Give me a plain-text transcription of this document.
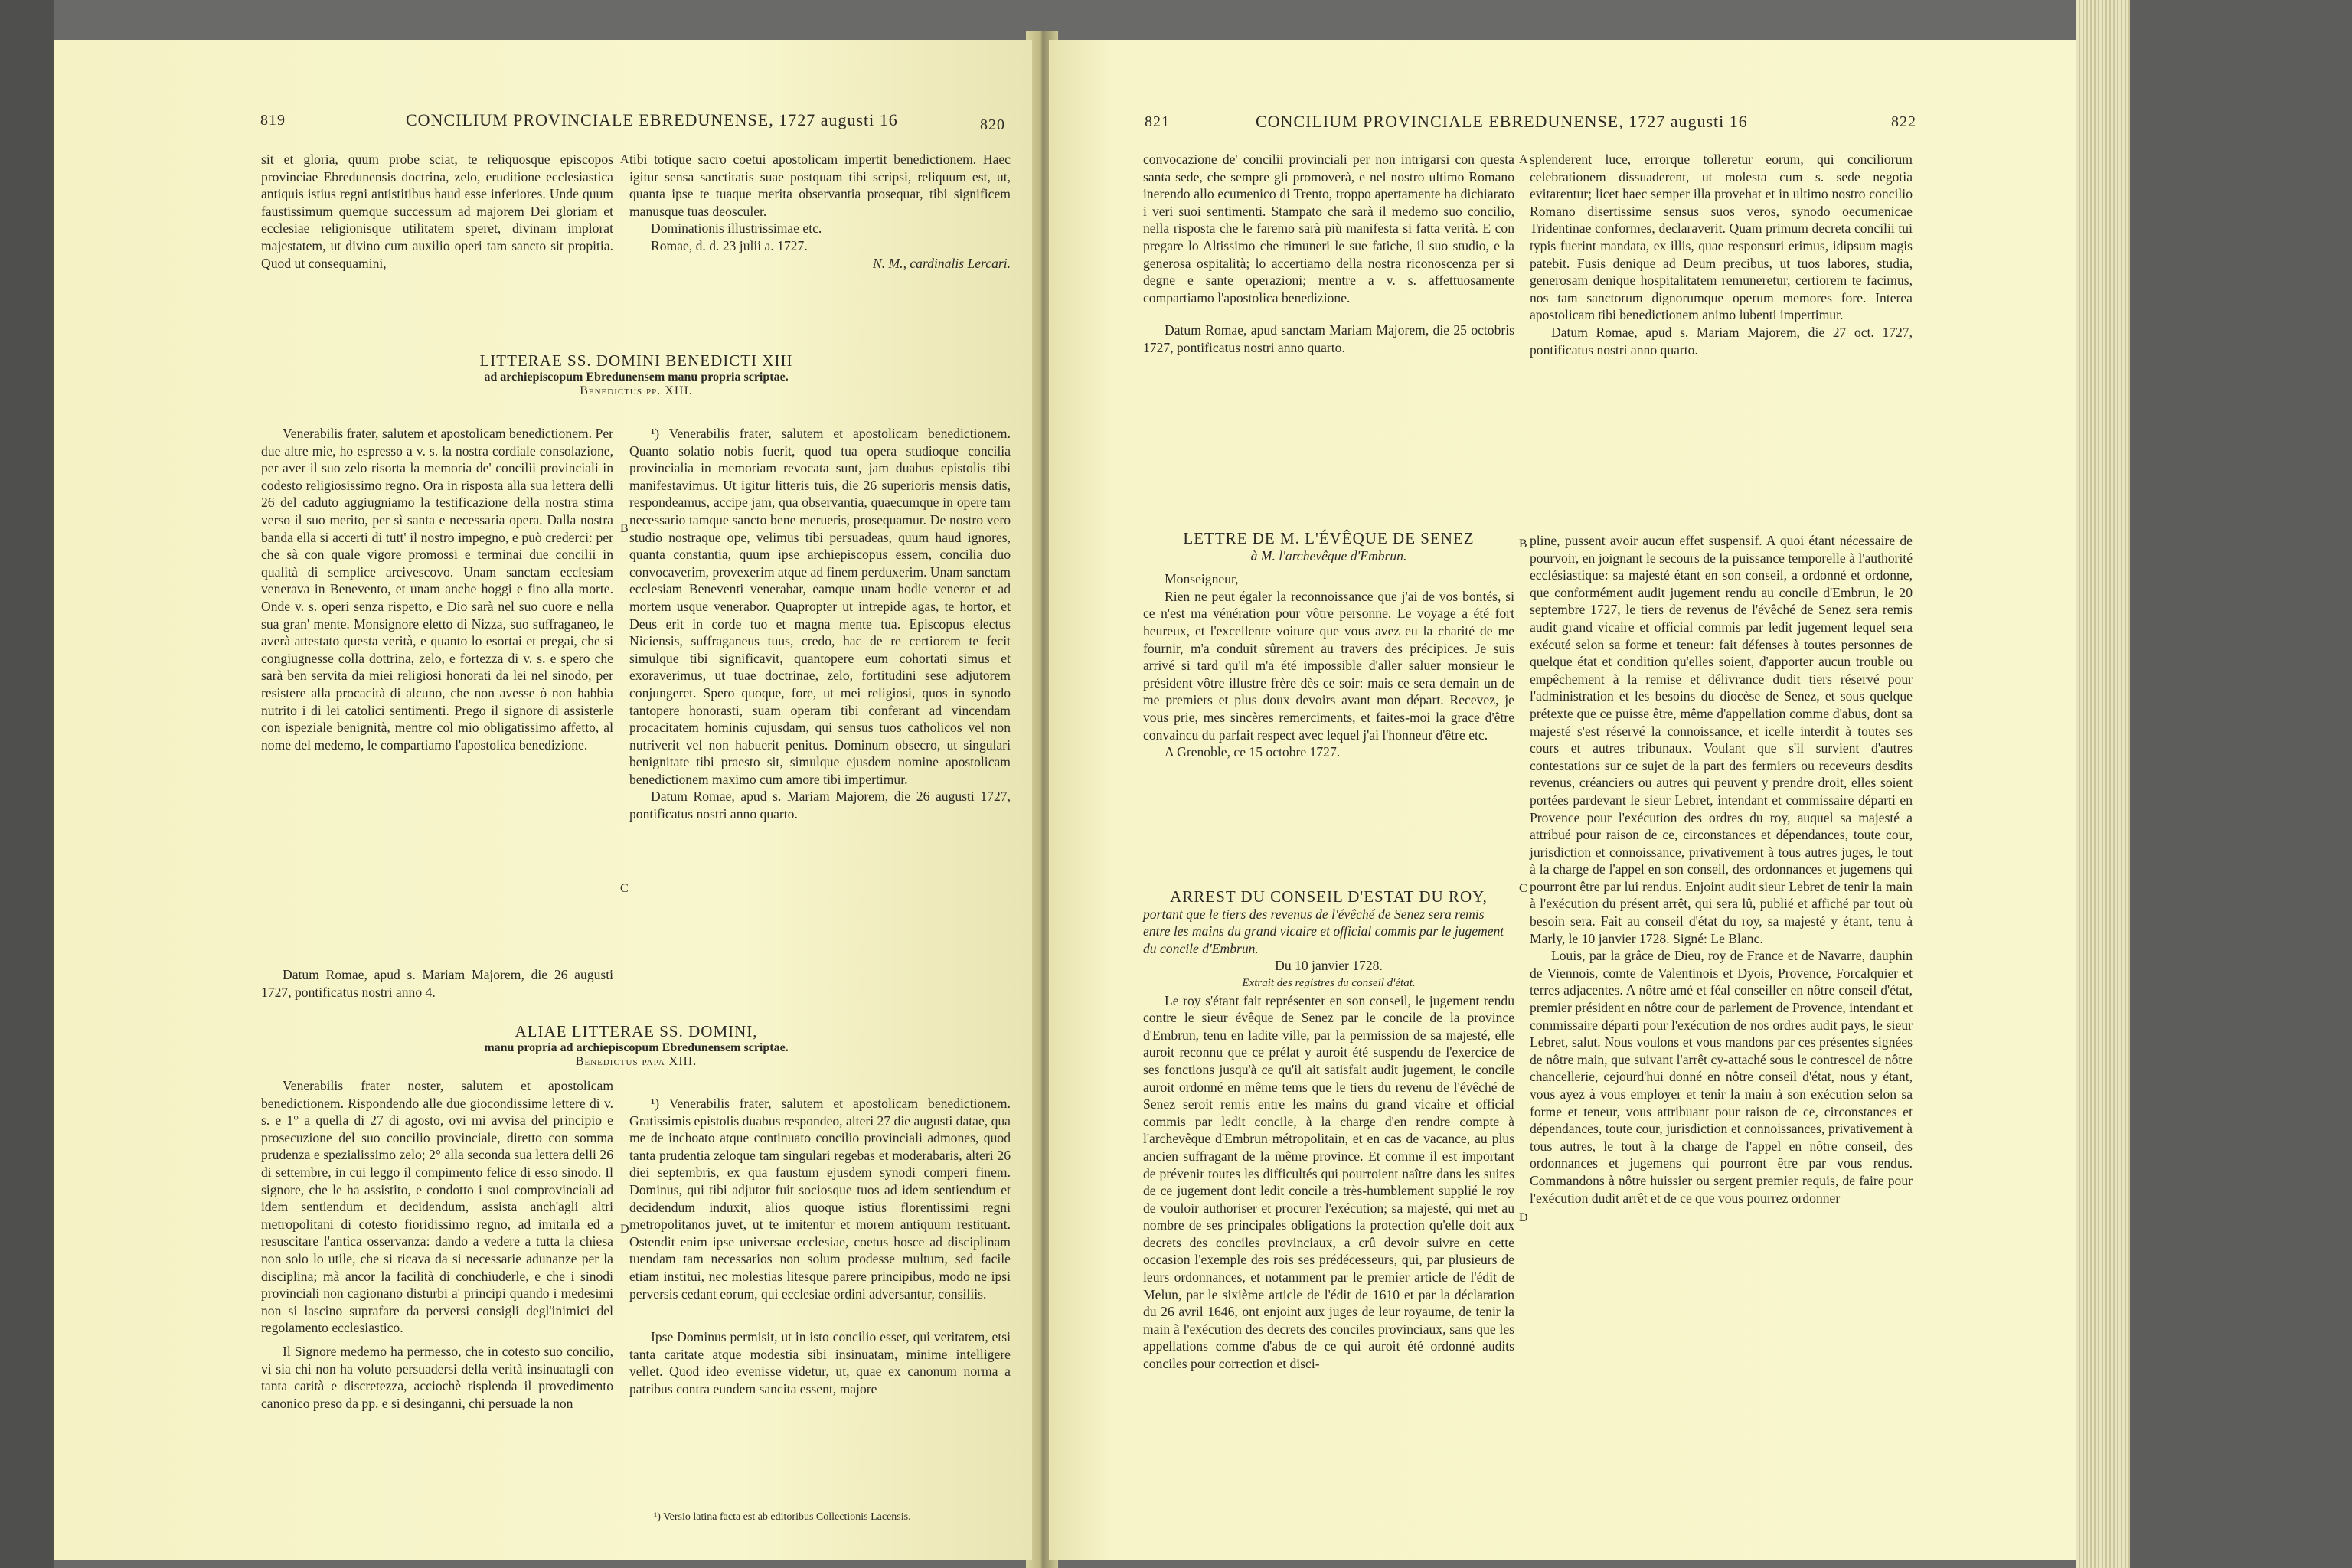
819	CONCILIUM PROVINCIALE EBREDUNENSE, 1727 augusti 16	820

sit et gloria, quum probe sciat, te reliquosque episcopos provinciae Ebredunensis doctrina, zelo, eruditione ecclesiastica antiquis istius regni antistitibus haud esse inferiores. Unde quum faustissimum quemque successum ad majorem Dei gloriam et ecclesiae religionisque utilitatem speret, divinam implorat majestatem, ut divino cum auxilio operi tam sancto sit propitia. Quod ut consequamini,

A tibi totique sacro coetui apostolicam impertit benedictionem. Haec igitur sensa sanctitatis suae postquam tibi scripsi, reliquum est, ut, quanta ipse te tuaque merita observantia prosequar, tibi significem manusque tuas deosculer.

Dominationis illustrissimae etc.

Romae, d. d. 23 julii a. 1727.

N. M., cardinalis Lercari.

LITTERAE SS. DOMINI BENEDICTI XIII
ad archiepiscopum Ebredunensem manu propria scriptae.
Benedictus pp. XIII.

Venerabilis frater, salutem et apostolicam benedictionem. Per due altre mie, ho espresso a v. s. la nostra cordiale consolazione, per aver il suo zelo risorta la memoria de' concilii provinciali in codesto religiosissimo regno. Ora in risposta alla sua lettera delli 26 del caduto aggiugniamo la testificazione della nostra stima verso il suo merito, per sì santa e necessaria opera. Dalla nostra banda ella si accerti di tutt' il nostro impegno, e può crederci: per che sà con quale vigore promossi e terminai due concilii in qualità di semplice arcivescovo. Unam sanctam ecclesiam venerava in Benevento, et unam anche hoggi e fino alla morte. Onde v. s. operi senza rispetto, e Dio sarà nel suo cuore e nella sua gran' mente. Monsignore eletto di Nizza, suo suffraganeo, le averà attestato questa verità, e quanto lo esortai et pregai, che si congiugnesse colla dottrina, zelo, e fortezza di v. s. e spero che sarà ben servita da miei religiosi honorati da lei nel sinodo, per resistere alla procacità di alcuno, che non avesse ò non habbia nutrito i di lei catolici sentimenti. Prego il signore di assisterle con ispeziale benignità, mentre col mio obligatissimo affetto, al nome del medemo, le compartiamo l'apostolica benedizione.

Datum Romae, apud s. Mariam Majorem, die 26 augusti 1727, pontificatus nostri anno 4.

B
C

¹) Venerabilis frater, salutem et apostolicam benedictionem. Quanto solatio nobis fuerit, quod tua opera studioque concilia provincialia in memoriam revocata sunt, jam duabus epistolis tibi manifestavimus. Ut igitur litteris tuis, die 26 superioris mensis datis, respondeamus, accipe jam, qua observantia, quaecumque in opere tam necessario tamque sancto bene merueris, prosequamur. De nostro vero studio nostraque ope, velimus tibi persuadeas, quum haud ignores, quanta constantia, quum ipse archiepiscopus essem, concilia duo convocaverim, provexerim atque ad finem perduxerim. Unam sanctam ecclesiam Beneventi venerabar, eamque unam hodie veneror et ad mortem usque venerabor. Quapropter ut intrepide agas, te hortor, et Deus erit in corde tuo et magna mente tua. Episcopus electus Niciensis, suffraganeus tuus, credo, hac de re certiorem te fecit simulque tibi significavit, quantopere eum cohortati simus et exoraverimus, ut tuae doctrinae, zelo, fortitudini sese adjutorem conjungeret. Spero quoque, fore, ut mei religiosi, quos in synodo tantopere honorasti, suam operam tibi conferant ad vincendam procacitatem hominis cujusdam, qui sensus tuos catholicos vel non nutriverit vel non habuerit penitus. Dominum obsecro, ut singulari benignitate tibi praesto sit, simulque ejusdem nomine apostolicam benedictionem maximo cum amore tibi impertimur.

Datum Romae, apud s. Mariam Majorem, die 26 augusti 1727, pontificatus nostri anno quarto.

ALIAE LITTERAE SS. DOMINI,
manu propria ad archiepiscopum Ebredunensem scriptae.
Benedictus papa XIII.

Venerabilis frater noster, salutem et apostolicam benedictionem. Rispondendo alle due giocondissime lettere di v. s. e 1° a quella di 27 di agosto, ovi mi avvisa del principio e prosecuzione del suo concilio provinciale, diretto con somma prudenza e spezialissimo zelo; 2° alla seconda sua lettera delli 26 di settembre, in cui leggo il compimento felice di esso sinodo. Il signore, che le ha assistito, e condotto i suoi comprovinciali ad idem sentiendum et decidendum, assista anch'agli altri metropolitani di cotesto fioridissimo regno, ad imitarla ed a resuscitare l'antica osservanza: dando a vedere a tutta la chiesa non solo lo utile, che si ricava da si necessarie adunanze per la disciplina; mà ancor la facilità di conchiuderle, e che i sinodi provinciali non cagionano disturbi a' principi quando i medesimi non si lascino suprafare da perversi consigli degl'inimici del regolamento ecclesiastico.

Il Signore medemo ha permesso, che in cotesto suo concilio, vi sia chi non ha voluto persuadersi della verità insinuatagli con tanta carità e discretezza, acciochè risplenda il provedimento canonico preso da pp. e si desinganni, chi persuade la non

D

¹) Venerabilis frater, salutem et apostolicam benedictionem. Gratissimis epistolis duabus respondeo, alteri 27 die augusti datae, qua me de inchoato atque continuato concilio provinciali admones, quod tanta prudentia zeloque tam singulari regebas et moderabaris, alteri 26 diei septembris, ex qua faustum ejusdem synodi comperi finem. Dominus, qui tibi adjutor fuit sociosque tuos ad idem sentiendum et decidendum induxit, alios quoque istius florentissimi regni metropolitanos juvet, ut te imitentur et morem antiquum restituant. Ostendit enim ipse universae ecclesiae, coetus hosce ad disciplinam tuendam tam necessarios non solum prodesse multum, sed facile etiam institui, nec molestias litesque parere principibus, modo ne ipsi perversis cedant eorum, qui ecclesiae ordini adversantur, consiliis.

Ipse Dominus permisit, ut in isto concilio esset, qui veritatem, etsi tanta caritate atque modestia sibi insinuatam, minime intelligere vellet. Quod ideo evenisse videtur, ut, quae ex canonum norma a patribus contra eundem sancita essent, majore

¹) Versio latina facta est ab editoribus Collectionis Lacensis.
821	CONCILIUM PROVINCIALE EBREDUNENSE, 1727 augusti 16	822

convocazione de' concilii provinciali per non intrigarsi con questa santa sede, che sempre gli promoverà, e nel nostro ultimo Romano inerendo allo ecumenico di Trento, troppo apertamente ha dichiarato i veri suoi sentimenti. Stampato che sarà il medemo suo concilio, nella risposta che le faremo sarà più manifesta si fatta verità. E con pregare lo Altissimo che rimuneri le sue fatiche, il suo studio, e la generosa ospitalità; lo accertiamo della nostra riconoscenza per si degne e sante operazioni; mentre a v. s. affettuosamente compartiamo l'apostolica benedizione.

Datum Romae, apud sanctam Mariam Majorem, die 25 octobris 1727, pontificatus nostri anno quarto.

A splenderent luce, errorque tolleretur eorum, qui conciliorum celebrationem dissuaderent, ut molesta cum s. sede negotia evitarentur; licet haec semper illa provehat et in ultimo nostro concilio Romano disertissime sensus suos veros, synodo oecumenicae Tridentinae conformes, declaraverit. Quam primum decreta concilii tui typis fuerint mandata, ex illis, quae responsuri erimus, idipsum magis patebit. Fusis denique ad Deum precibus, ut tuos labores, studia, generosam denique hospitalitatem remuneretur, certiorem te facimus, nos tam sanctorum dignorumque operum memores fore. Interea apostolicam tibi benedictionem animo lubenti impertimur.

Datum Romae, apud s. Mariam Majorem, die 27 oct. 1727, pontificatus nostri anno quarto.

LETTRE DE M. L'ÉVÊQUE DE SENEZ
à M. l'archevêque d'Embrun.

Monseigneur,

Rien ne peut égaler la reconnoissance que j'ai de vos bontés, si ce n'est ma vénération pour vôtre personne. Le voyage a été fort heureux, et l'excellente voiture que vous avez eu la charité de me fournir, m'a conduit sûrement au travers des précipices. Je suis arrivé si tard qu'il m'a été impossible d'aller saluer monsieur le président vôtre illustre frère dès ce soir: mais ce sera demain un de me premiers et plus doux devoirs avant mon départ. Recevez, je vous prie, mes sincères remerciments, et faites-moi la grace d'être convaincu du parfait respect avec lequel j'ai l'honneur d'être etc.

A Grenoble, ce 15 octobre 1727.

ARREST DU CONSEIL D'ESTAT DU ROY,
portant que le tiers des revenus de l'évêché de Senez sera remis entre les mains du grand vicaire et official commis par le jugement du concile d'Embrun.
Du 10 janvier 1728.
Extrait des registres du conseil d'état.

Le roy s'étant fait représenter en son conseil, le jugement rendu contre le sieur évêque de Senez par le concile de la province d'Embrun, tenu en ladite ville, par la permission de sa majesté, elle auroit reconnu que ce prélat y auroit été suspendu de l'exercice de ses fonctions jusqu'à ce qu'il ait satisfait audit jugement, le concile auroit ordonné en même tems que le tiers du revenu de l'évêché de Senez seroit remis entre les mains du grand vicaire et official commis par ledit concile, à la charge d'en rendre compte à l'archevêque d'Embrun métropolitain, et en cas de vacance, au plus ancien suffragant de la même province. Et comme il est important de prévenir toutes les difficultés qui pourroient naître dans les suites de ce jugement dont ledit concile a très-humblement supplié le roy de vouloir authoriser et procurer l'exécution; sa majesté, qui met au nombre de ses principales obligations la protection qu'elle doit aux decrets des conciles provinciaux, a crû devoir suivre en cette occasion l'exemple des rois ses prédécesseurs, qui, par plusieurs de leurs ordonnances, et notamment par le premier article de l'édit de Melun, par le sixième article de l'édit de 1610 et par la déclaration du 26 avril 1646, ont enjoint aux juges de leur royaume, de tenir la main à l'exécution des decrets des conciles provinciaux, sans que les appellations comme d'abus de ce qui auroit été ordonné audits conciles pour correction et disci-

B
C
D

pline, pussent avoir aucun effet suspensif. A quoi étant nécessaire de pourvoir, en joignant le secours de la puissance temporelle à l'authorité ecclésiastique: sa majesté étant en son conseil, a ordonné et ordonne, que conformément audit jugement rendu au concile d'Embrun, le 20 septembre 1727, le tiers de revenus de l'évêché de Senez sera remis audit grand vicaire et official commis par ledit jugement lequel sera exécuté selon sa forme et teneur: fait défenses à toutes personnes de quelque état et condition qu'elles soient, d'apporter aucun trouble ou empêchement à la remise et délivrance dudit tiers réservé pour l'administration et les besoins du diocèse de Senez, et sous quelque prétexte que ce puisse être, même d'appellation comme d'abus, dont sa majesté s'est réservé la connoissance, et icelle interdit à toutes ses cours et autres tribunaux. Voulant que s'il survient d'autres contestations sur ce sujet de la part des fermiers ou receveurs desdits revenus, créanciers ou autres qui peuvent y prendre droit, elles soient portées pardevant le sieur Lebret, intendant et commissaire départi en Provence pour l'exécution des ordres du roy, auquel sa majesté a attribué pour raison de ce, circonstances et dépendances, toute cour, jurisdiction et connoissance, privativement à tous autres juges, le tout à la charge de l'appel en son conseil, des ordonnances et jugemens qui pourront être par lui rendus. Enjoint audit sieur Lebret de tenir la main à l'exécution du présent arrêt, qui sera lû, publié et affiché par tout où besoin sera. Fait au conseil d'état du roy, sa majesté y étant, tenu à Marly, le 10 janvier 1728. Signé: Le Blanc.

Louis, par la grâce de Dieu, roy de France et de Navarre, dauphin de Viennois, comte de Valentinois et Dyois, Provence, Forcalquier et terres adjacentes. A nôtre amé et féal conseiller en nôtre conseil d'état, premier président en nôtre cour de parlement de Provence, intendant et commissaire départi pour l'exécution de nos ordres audit pays, le sieur Lebret, salut. Nous voulons et vous mandons par ces présentes signées de nôtre main, que suivant l'arrêt cy-attaché sous le contrescel de nôtre chancellerie, cejourd'hui donné en nôtre conseil d'état, nous y étant, vous ayez à vous employer et tenir la main à son exécution selon sa forme et teneur, vous attribuant pour raison de ce, circonstances et dépendances, toute cour, jurisdiction et connoissances, privativement à tous autres, le tout à la charge de l'appel en nôtre conseil, des ordonnances et jugemens qui pourront être par vous rendus. Commandons à nôtre huissier ou sergent premier requis, de faire pour l'exécution dudit arrêt et de ce que vous pourrez ordonner
